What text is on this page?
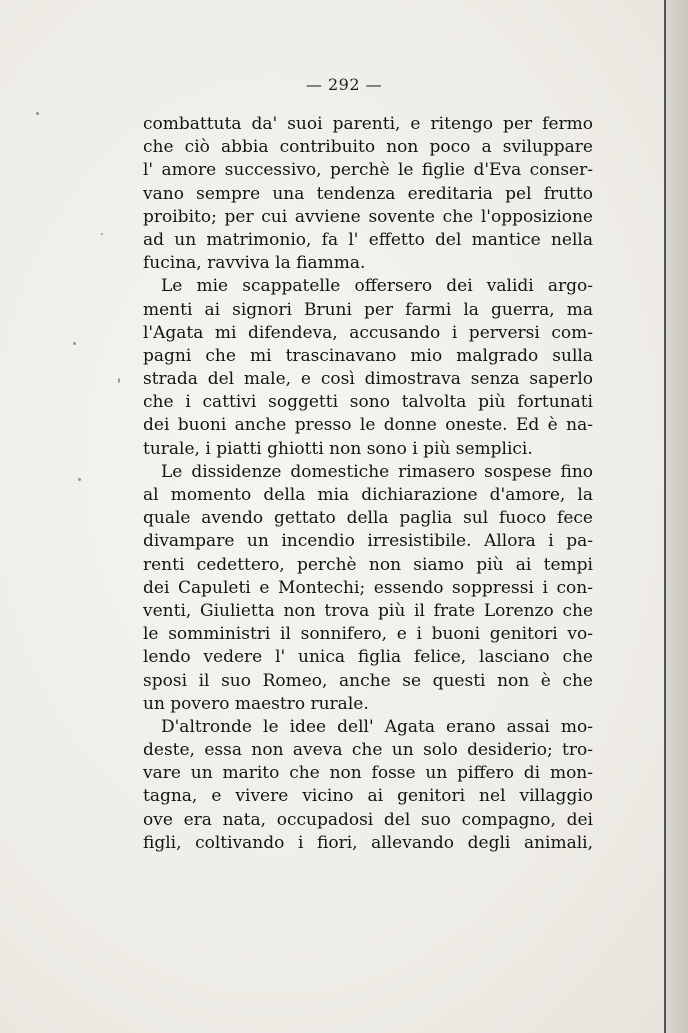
— 292 —
combattuta da' suoi parenti, e ritengo per fermo
che ciò abbia contribuito non poco a sviluppare
l' amore successivo, perchè le figlie d'Eva conser-
vano sempre una tendenza ereditaria pel frutto
proibito; per cui avviene sovente che l'opposizione
ad un matrimonio, fa l' effetto del mantice nella
fucina, ravviva la fiamma.
Le mie scappatelle offersero dei validi argo-
menti ai signori Bruni per farmi la guerra, ma
l'Agata mi difendeva, accusando i perversi com-
pagni che mi trascinavano mio malgrado sulla
strada del male, e così dimostrava senza saperlo
che i cattivi soggetti sono talvolta più fortunati
dei buoni anche presso le donne oneste. Ed è na-
turale, i piatti ghiotti non sono i più semplici.
Le dissidenze domestiche rimasero sospese fino
al momento della mia dichiarazione d'amore, la
quale avendo gettato della paglia sul fuoco fece
divampare un incendio irresistibile. Allora i pa-
renti cedettero, perchè non siamo più ai tempi
dei Capuleti e Montechi; essendo soppressi i con-
venti, Giulietta non trova più il frate Lorenzo che
le somministri il sonnifero, e i buoni genitori vo-
lendo vedere l' unica figlia felice, lasciano che
sposi il suo Romeo, anche se questi non è che
un povero maestro rurale.
D'altronde le idee dell' Agata erano assai mo-
deste, essa non aveva che un solo desiderio; tro-
vare un marito che non fosse un piffero di mon-
tagna, e vivere vicino ai genitori nel villaggio
ove era nata, occupadosi del suo compagno, dei
figli, coltivando i fiori, allevando degli animali,
